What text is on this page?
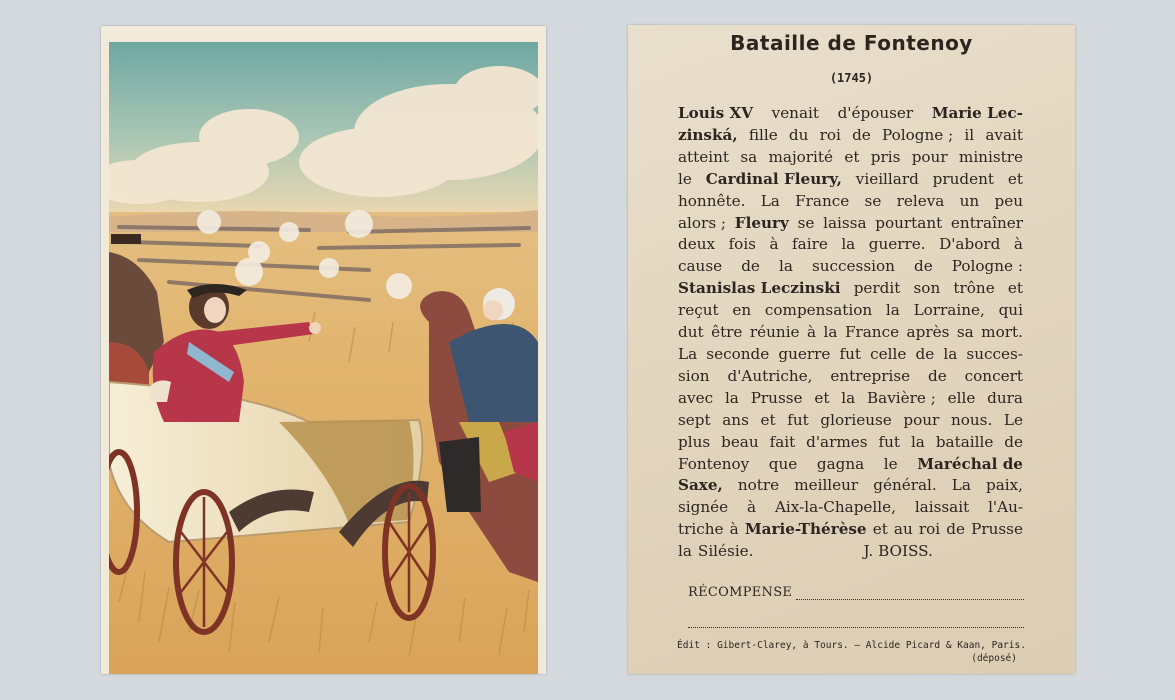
Bataille de Fontenoy
(1745)
Louis XV venait d'épouser Marie Lec-
zinská, fille du roi de Pologne ; il avait
atteint sa majorité et pris pour ministre
le Cardinal Fleury, vieillard prudent et
honnête. La France se releva un peu
alors ; Fleury se laissa pourtant entraîner
deux fois à faire la guerre. D'abord à
cause de la succession de Pologne :
Stanislas Leczinski perdit son trône et
reçut en compensation la Lorraine, qui
dut être réunie à la France après sa mort.
La seconde guerre fut celle de la succes-
sion d'Autriche, entreprise de concert
avec la Prusse et la Bavière ; elle dura
sept ans et fut glorieuse pour nous. Le
plus beau fait d'armes fut la bataille de
Fontenoy que gagna le Maréchal de
Saxe, notre meilleur général. La paix,
signée à Aix-la-Chapelle, laissait l'Au-
triche à Marie-Thérèse et au roi de Prusse
la Silésie.	J. BOISS.
RÉCOMPENSE
Édit : Gibert-Clarey, à Tours. — Alcide Picard & Kaan, Paris.
(déposé)
